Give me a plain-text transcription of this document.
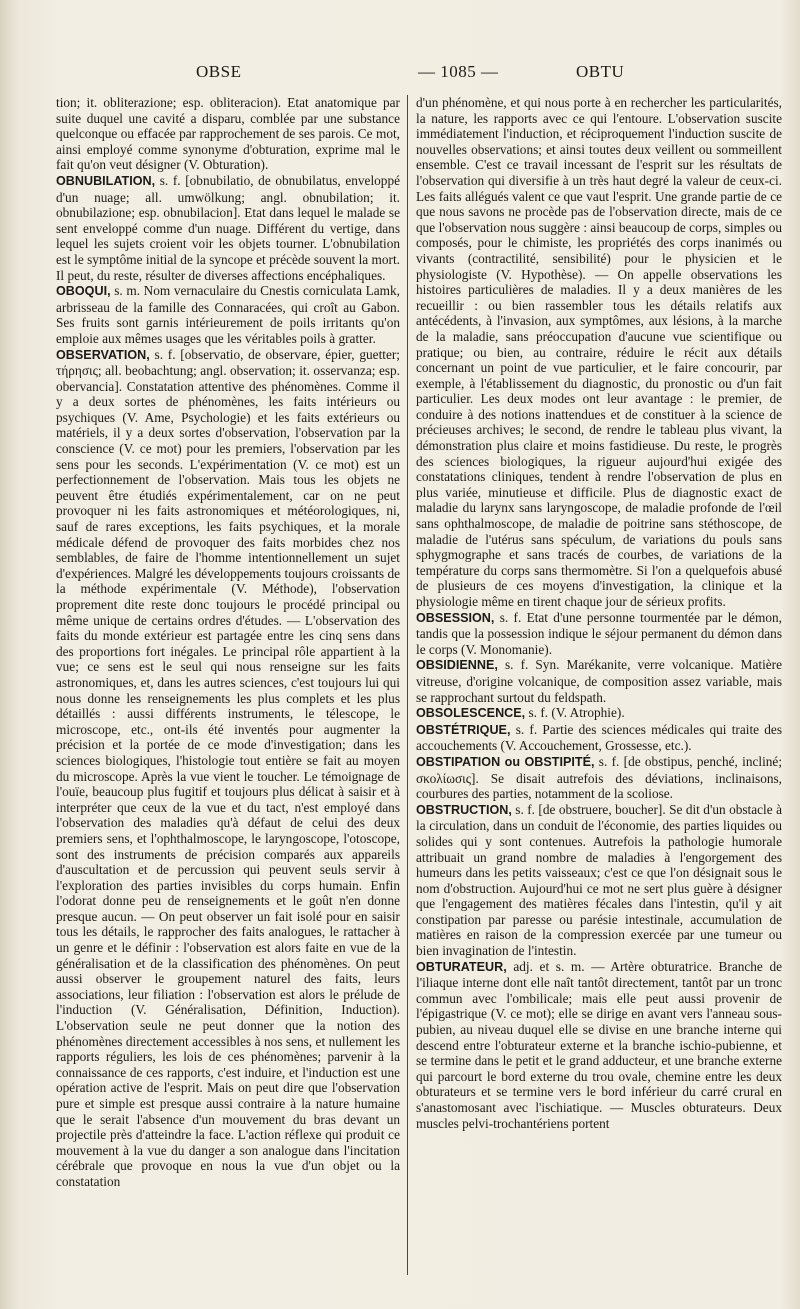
OBSE	— 1085 —	OBTU

tion; it. obliterazione; esp. obliteracion). Etat anatomique par suite duquel une cavité a disparu, comblée par une substance quelconque ou effacée par rapprochement de ses parois. Ce mot, ainsi employé comme synonyme d'obturation, exprime mal le fait qu'on veut désigner (V. Obturation).

OBNUBILATION, s. f. [obnubilatio, de obnubilatus, enveloppé d'un nuage; all. umwölkung; angl. obnubilation; it. obnubilazione; esp. obnubilacion]. Etat dans lequel le malade se sent enveloppé comme d'un nuage. Différent du vertige, dans lequel les sujets croient voir les objets tourner. L'obnubilation est le symptôme initial de la syncope et précède souvent la mort. Il peut, du reste, résulter de diverses affections encéphaliques.

OBOQUI, s. m. Nom vernaculaire du Cnestis corniculata Lamk, arbrisseau de la famille des Connaracées, qui croît au Gabon. Ses fruits sont garnis intérieurement de poils irritants qu'on emploie aux mêmes usages que les véritables poils à gratter.

OBSERVATION, s. f. [observatio, de observare, épier, guetter; τήρησις; all. beobachtung; angl. observation; it. osservanza; esp. obervancia]. Constatation attentive des phénomènes. Comme il y a deux sortes de phénomènes, les faits intérieurs ou psychiques (V. Ame, Psychologie) et les faits extérieurs ou matériels, il y a deux sortes d'observation, l'observation par la conscience (V. ce mot) pour les premiers, l'observation par les sens pour les seconds. L'expérimentation (V. ce mot) est un perfectionnement de l'observation. Mais tous les objets ne peuvent être étudiés expérimentalement, car on ne peut provoquer ni les faits astronomiques et météorologiques, ni, sauf de rares exceptions, les faits psychiques, et la morale médicale défend de provoquer des faits morbides chez nos semblables, de faire de l'homme intentionnellement un sujet d'expériences. Malgré les développements toujours croissants de la méthode expérimentale (V. Méthode), l'observation proprement dite reste donc toujours le procédé principal ou même unique de certains ordres d'études. — L'observation des faits du monde extérieur est partagée entre les cinq sens dans des proportions fort inégales. Le principal rôle appartient à la vue; ce sens est le seul qui nous renseigne sur les faits astronomiques, et, dans les autres sciences, c'est toujours lui qui nous donne les renseignements les plus complets et les plus détaillés : aussi différents instruments, le télescope, le microscope, etc., ont-ils été inventés pour augmenter la précision et la portée de ce mode d'investigation; dans les sciences biologiques, l'histologie tout entière se fait au moyen du microscope. Après la vue vient le toucher. Le témoignage de l'ouïe, beaucoup plus fugitif et toujours plus délicat à saisir et à interpréter que ceux de la vue et du tact, n'est employé dans l'observation des maladies qu'à défaut de celui des deux premiers sens, et l'ophthalmoscope, le laryngoscope, l'otoscope, sont des instruments de précision comparés aux appareils d'auscultation et de percussion qui peuvent seuls servir à l'exploration des parties invisibles du corps humain. Enfin l'odorat donne peu de renseignements et le goût n'en donne presque aucun. — On peut observer un fait isolé pour en saisir tous les détails, le rapprocher des faits analogues, le rattacher à un genre et le définir : l'observation est alors faite en vue de la généralisation et de la classification des phénomènes. On peut aussi observer le groupement naturel des faits, leurs associations, leur filiation : l'observation est alors le prélude de l'induction (V. Généralisation, Définition, Induction). L'observation seule ne peut donner que la notion des phénomènes directement accessibles à nos sens, et nullement les rapports réguliers, les lois de ces phénomènes; parvenir à la connaissance de ces rapports, c'est induire, et l'induction est une opération active de l'esprit. Mais on peut dire que l'observation pure et simple est presque aussi contraire à la nature humaine que le serait l'absence d'un mouvement du bras devant un projectile près d'atteindre la face. L'action réflexe qui produit ce mouvement à la vue du danger a son analogue dans l'incitation cérébrale que provoque en nous la vue d'un objet ou la constatation

d'un phénomène, et qui nous porte à en rechercher les particularités, la nature, les rapports avec ce qui l'entoure. L'observation suscite immédiatement l'induction, et réciproquement l'induction suscite de nouvelles observations; et ainsi toutes deux veillent ou sommeillent ensemble. C'est ce travail incessant de l'esprit sur les résultats de l'observation qui diversifie à un très haut degré la valeur de ceux-ci. Les faits allégués valent ce que vaut l'esprit. Une grande partie de ce que nous savons ne procède pas de l'observation directe, mais de ce que l'observation nous suggère : ainsi beaucoup de corps, simples ou composés, pour le chimiste, les propriétés des corps inanimés ou vivants (contractilité, sensibilité) pour le physicien et le physiologiste (V. Hypothèse). — On appelle observations les histoires particulières de maladies. Il y a deux manières de les recueillir : ou bien rassembler tous les détails relatifs aux antécédents, à l'invasion, aux symptômes, aux lésions, à la marche de la maladie, sans préoccupation d'aucune vue scientifique ou pratique; ou bien, au contraire, réduire le récit aux détails concernant un point de vue particulier, et le faire concourir, par exemple, à l'établissement du diagnostic, du pronostic ou d'un fait particulier. Les deux modes ont leur avantage : le premier, de conduire à des notions inattendues et de constituer à la science de précieuses archives; le second, de rendre le tableau plus vivant, la démonstration plus claire et moins fastidieuse. Du reste, le progrès des sciences biologiques, la rigueur aujourd'hui exigée des constatations cliniques, tendent à rendre l'observation de plus en plus variée, minutieuse et difficile. Plus de diagnostic exact de maladie du larynx sans laryngoscope, de maladie profonde de l'œil sans ophthalmoscope, de maladie de poitrine sans stéthoscope, de maladie de l'utérus sans spéculum, de variations du pouls sans sphygmographe et sans tracés de courbes, de variations de la température du corps sans thermomètre. Si l'on a quelquefois abusé de plusieurs de ces moyens d'investigation, la clinique et la physiologie même en tirent chaque jour de sérieux profits.

OBSESSION, s. f. Etat d'une personne tourmentée par le démon, tandis que la possession indique le séjour permanent du démon dans le corps (V. Monomanie).

OBSIDIENNE, s. f. Syn. Marékanite, verre volcanique. Matière vitreuse, d'origine volcanique, de composition assez variable, mais se rapprochant surtout du feldspath.

OBSOLESCENCE, s. f. (V. Atrophie).

OBSTÉTRIQUE, s. f. Partie des sciences médicales qui traite des accouchements (V. Accouchement, Grossesse, etc.).

OBSTIPATION ou OBSTIPITÉ, s. f. [de obstipus, penché, incliné; σκολίωσις]. Se disait autrefois des déviations, inclinaisons, courbures des parties, notamment de la scoliose.

OBSTRUCTION, s. f. [de obstruere, boucher]. Se dit d'un obstacle à la circulation, dans un conduit de l'économie, des parties liquides ou solides qui y sont contenues. Autrefois la pathologie humorale attribuait un grand nombre de maladies à l'engorgement des humeurs dans les petits vaisseaux; c'est ce que l'on désignait sous le nom d'obstruction. Aujourd'hui ce mot ne sert plus guère à désigner que l'engagement des matières fécales dans l'intestin, qu'il y ait constipation par paresse ou parésie intestinale, accumulation de matières en raison de la compression exercée par une tumeur ou bien invagination de l'intestin.

OBTURATEUR, adj. et s. m. — Artère obturatrice. Branche de l'iliaque interne dont elle naît tantôt directement, tantôt par un tronc commun avec l'ombilicale; mais elle peut aussi provenir de l'épigastrique (V. ce mot); elle se dirige en avant vers l'anneau sous-pubien, au niveau duquel elle se divise en une branche interne qui descend entre l'obturateur externe et la branche ischio-pubienne, et se termine dans le petit et le grand adducteur, et une branche externe qui parcourt le bord externe du trou ovale, chemine entre les deux obturateurs et se termine vers le bord inférieur du carré crural en s'anastomosant avec l'ischiatique. — Muscles obturateurs. Deux muscles pelvi-trochantériens portent
